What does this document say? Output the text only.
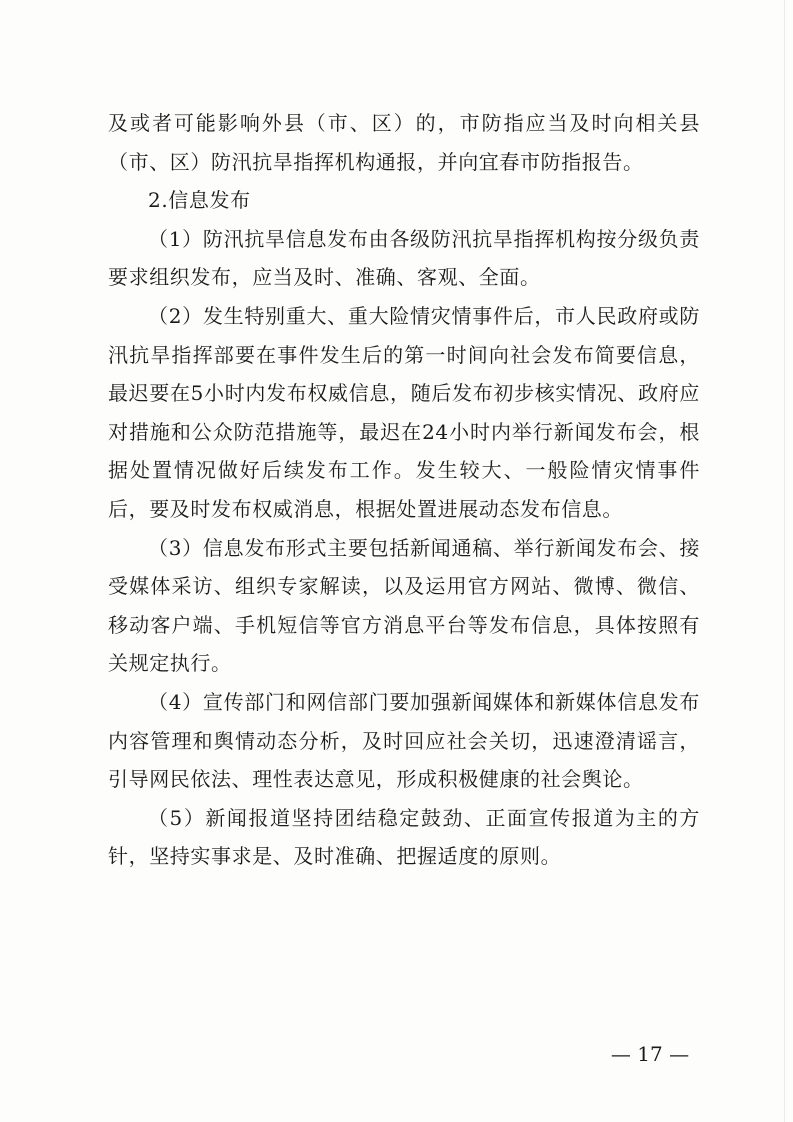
及或者可能影响外县（市、区）的，市防指应当及时向相关县（市、区）防汛抗旱指挥机构通报，并向宜春市防指报告。

2.信息发布

（1）防汛抗旱信息发布由各级防汛抗旱指挥机构按分级负责要求组织发布，应当及时、准确、客观、全面。

（2）发生特别重大、重大险情灾情事件后，市人民政府或防汛抗旱指挥部要在事件发生后的第一时间向社会发布简要信息，最迟要在5小时内发布权威信息，随后发布初步核实情况、政府应对措施和公众防范措施等，最迟在24小时内举行新闻发布会，根据处置情况做好后续发布工作。发生较大、一般险情灾情事件后，要及时发布权威消息，根据处置进展动态发布信息。

（3）信息发布形式主要包括新闻通稿、举行新闻发布会、接受媒体采访、组织专家解读，以及运用官方网站、微博、微信、移动客户端、手机短信等官方消息平台等发布信息，具体按照有关规定执行。

（4）宣传部门和网信部门要加强新闻媒体和新媒体信息发布内容管理和舆情动态分析，及时回应社会关切，迅速澄清谣言，引导网民依法、理性表达意见，形成积极健康的社会舆论。

（5）新闻报道坚持团结稳定鼓劲、正面宣传报道为主的方针，坚持实事求是、及时准确、把握适度的原则。

— 17 —
